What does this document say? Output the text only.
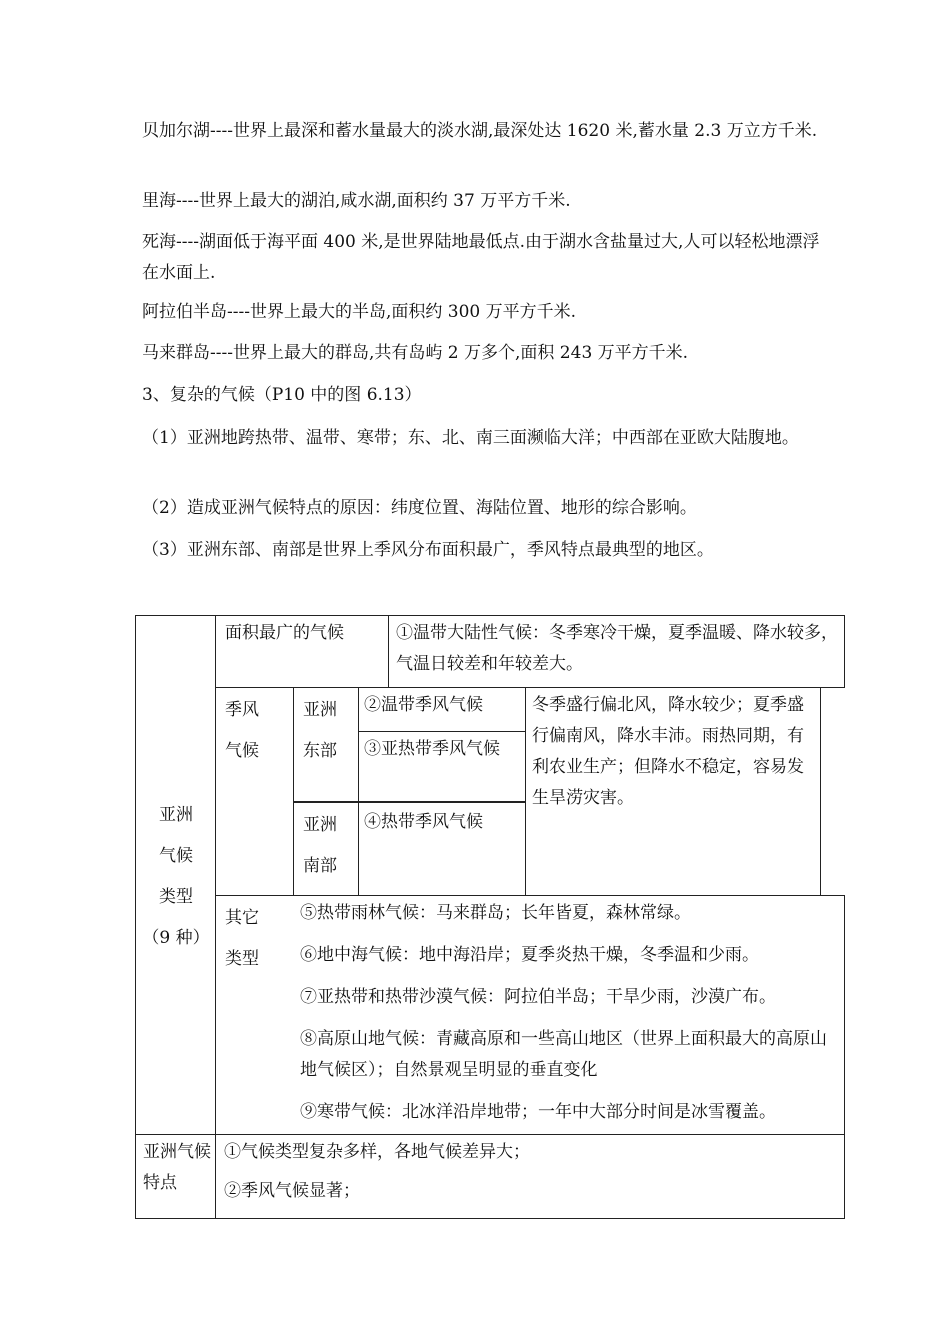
贝加尔湖----世界上最深和蓄水量最大的淡水湖,最深处达 1620 米,蓄水量 2.3 万立方千米.

里海----世界上最大的湖泊,咸水湖,面积约 37 万平方千米.

死海----湖面低于海平面 400 米,是世界陆地最低点.由于湖水含盐量过大,人可以轻松地漂浮在水面上.

阿拉伯半岛----世界上最大的半岛,面积约 300 万平方千米.

马来群岛----世界上最大的群岛,共有岛屿 2 万多个,面积 243 万平方千米.

3、复杂的气候（P10 中的图 6.13）

（1）亚洲地跨热带、温带、寒带；东、北、南三面濒临大洋；中西部在亚欧大陆腹地。

（2）造成亚洲气候特点的原因：纬度位置、海陆位置、地形的综合影响。

（3）亚洲东部、南部是世界上季风分布面积最广，季风特点最典型的地区。

亚洲
气候
类型
（9 种）
面积最广的气候	①温带大陆性气候：冬季寒冷干燥，夏季温暖、降水较多，气温日较差和年较差大。
季风
气候
亚洲
东部
亚洲
南部
②温带季风气候
③亚热带季风气候
④热带季风气候
冬季盛行偏北风，降水较少；夏季盛行偏南风，降水丰沛。雨热同期，有利农业生产；但降水不稳定，容易发生旱涝灾害。
其它
类型
⑤热带雨林气候：马来群岛；长年皆夏，森林常绿。
⑥地中海气候：地中海沿岸；夏季炎热干燥，冬季温和少雨。
⑦亚热带和热带沙漠气候：阿拉伯半岛；干旱少雨，沙漠广布。
⑧高原山地气候：青藏高原和一些高山地区（世界上面积最大的高原山地气候区）；自然景观呈明显的垂直变化
⑨寒带气候：北冰洋沿岸地带；一年中大部分时间是冰雪覆盖。
亚洲气候特点
①气候类型复杂多样，各地气候差异大；
②季风气候显著；
